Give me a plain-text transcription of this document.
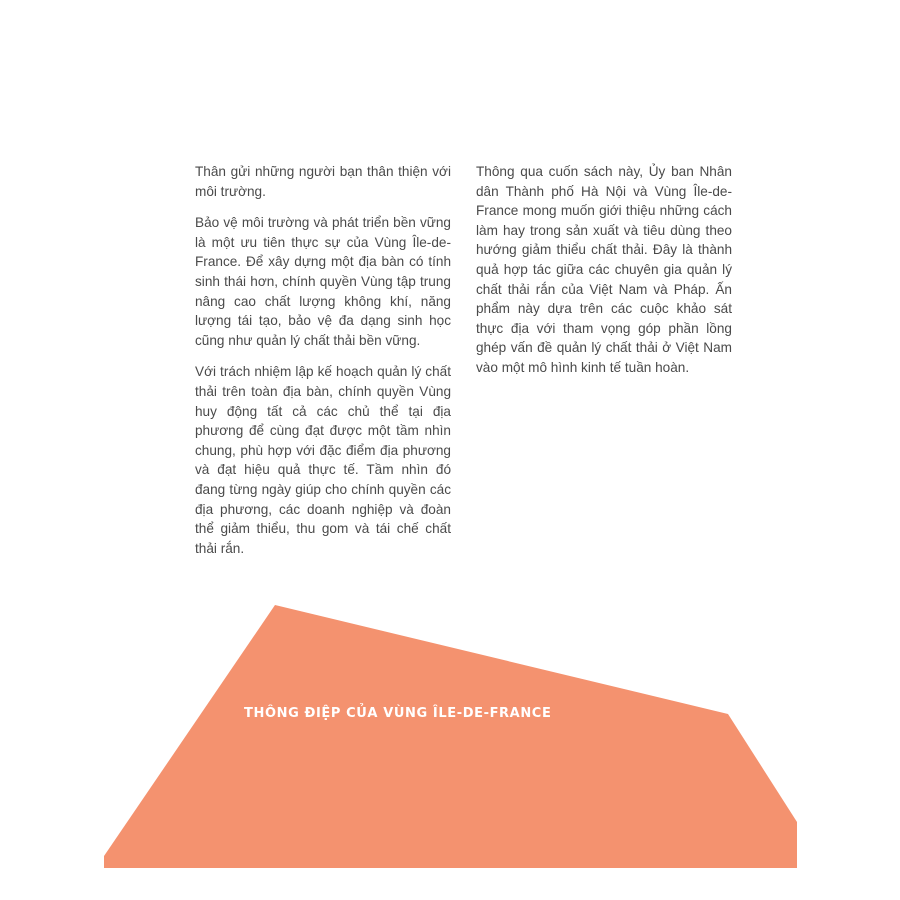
Thân gửi những người bạn thân thiện với môi trường.

Bảo vệ môi trường và phát triển bền vững là một ưu tiên thực sự của Vùng Île-de-France. Để xây dựng một địa bàn có tính sinh thái hơn, chính quyền Vùng tập trung nâng cao chất lượng không khí, năng lượng tái tạo, bảo vệ đa dạng sinh học cũng như quản lý chất thải bền vững.

Với trách nhiệm lập kế hoạch quản lý chất thải trên toàn địa bàn, chính quyền Vùng huy động tất cả các chủ thể tại địa phương để cùng đạt được một tầm nhìn chung, phù hợp với đặc điểm địa phương và đạt hiệu quả thực tế. Tầm nhìn đó đang từng ngày giúp cho chính quyền các địa phương, các doanh nghiệp và đoàn thể giảm thiểu, thu gom và tái chế chất thải rắn.

Thông qua cuốn sách này, Ủy ban Nhân dân Thành phố Hà Nội và Vùng Île-de-France mong muốn giới thiệu những cách làm hay trong sản xuất và tiêu dùng theo hướng giảm thiểu chất thải. Đây là thành quả hợp tác giữa các chuyên gia quản lý chất thải rắn của Việt Nam và Pháp. Ấn phẩm này dựa trên các cuộc khảo sát thực địa với tham vọng góp phần lồng ghép vấn đề quản lý chất thải ở Việt Nam vào một mô hình kinh tế tuần hoàn.

THÔNG ĐIỆP CỦA VÙNG ÎLE-DE-FRANCE
